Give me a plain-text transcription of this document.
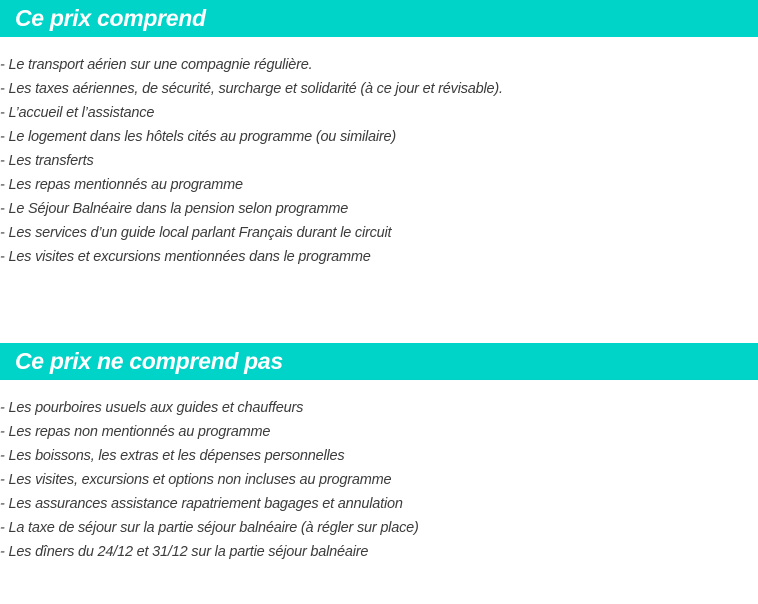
Ce prix comprend
- Le transport aérien sur une compagnie régulière.
- Les taxes aériennes, de sécurité, surcharge et solidarité (à ce jour et révisable).
- L’accueil et l’assistance
- Le logement dans les hôtels cités au programme (ou similaire)
- Les transferts
- Les repas mentionnés au programme
- Le Séjour Balnéaire dans la pension selon programme
- Les services d’un guide local parlant Français durant le circuit
- Les visites et excursions mentionnées dans le programme
Ce prix ne comprend pas
- Les pourboires usuels aux guides et chauffeurs
- Les repas non mentionnés au programme
- Les boissons, les extras et les dépenses personnelles
- Les visites, excursions et options non incluses au programme
- Les assurances assistance rapatriement bagages et annulation
- La taxe de séjour sur la partie séjour balnéaire (à régler sur place)
- Les dîners du 24/12 et 31/12 sur la partie séjour balnéaire
